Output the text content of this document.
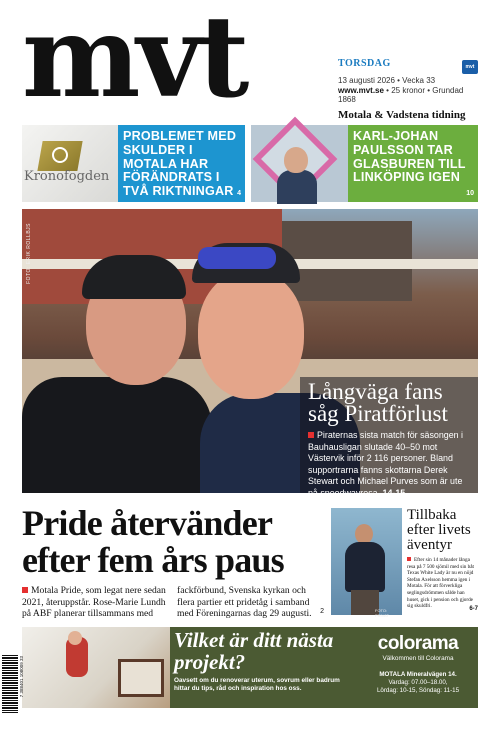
mvt	mvt
TORSDAG
13 augusti 2026 • Vecka 33
www.mvt.se • 25 kronor • Grundad 1868
Motala & Vadstena tidning
Kronofogden
PROBLEMET MED SKULDER I MOTALA HAR FÖRÄNDRATS I TVÅ RIKTNINGAR 4
KARL-JOHAN PAULSSON TAR GLASBUREN TILL LINKÖPING IGEN
10
FOTO: ERIK ROLLBJS
Långväga fans såg Piratförlust
Piraternas sista match för säsongen i Bauhausligan slutade 40–50 mot Västervik inför 2 116 personer. Bland supportrarna fanns skottarna Derek Stewart och Michael Purves som är ute på speedwayresa. 14-15
Pride återvänder efter fem års paus
Motala Pride, som legat nere sedan 2021, återuppstår. Rose-Marie Lundh på ABF planerar tillsammans med
fackförbund, Svenska kyrkan och flera partier ett pridetåg i samband med Föreningarnas dag 29 augusti.	2	FOTO: PRIVAT
Tillbaka efter livets äventyr
Efter sin 14 månader långa resa på 7 500 sjömil med sin båt Texas White Lady är nu en nöjd Stefan Axelsson hemma igen i Motala. För att förverkliga seglingsdrömmen sålde han huset, gick i pension och gjorde sig skuldfri.	6-7
Vilket är ditt nästa projekt?
Oavsett om du renoverar uterum, sovrum eller badrum hittar du tips, råd och inspiration hos oss.
colorama
Välkommen till Colorama
MOTALA Mineralvägen 14.
Vardag: 07.00–18.00,
Lördag: 10-15, Söndag: 11-15
7 388401 108009 33
